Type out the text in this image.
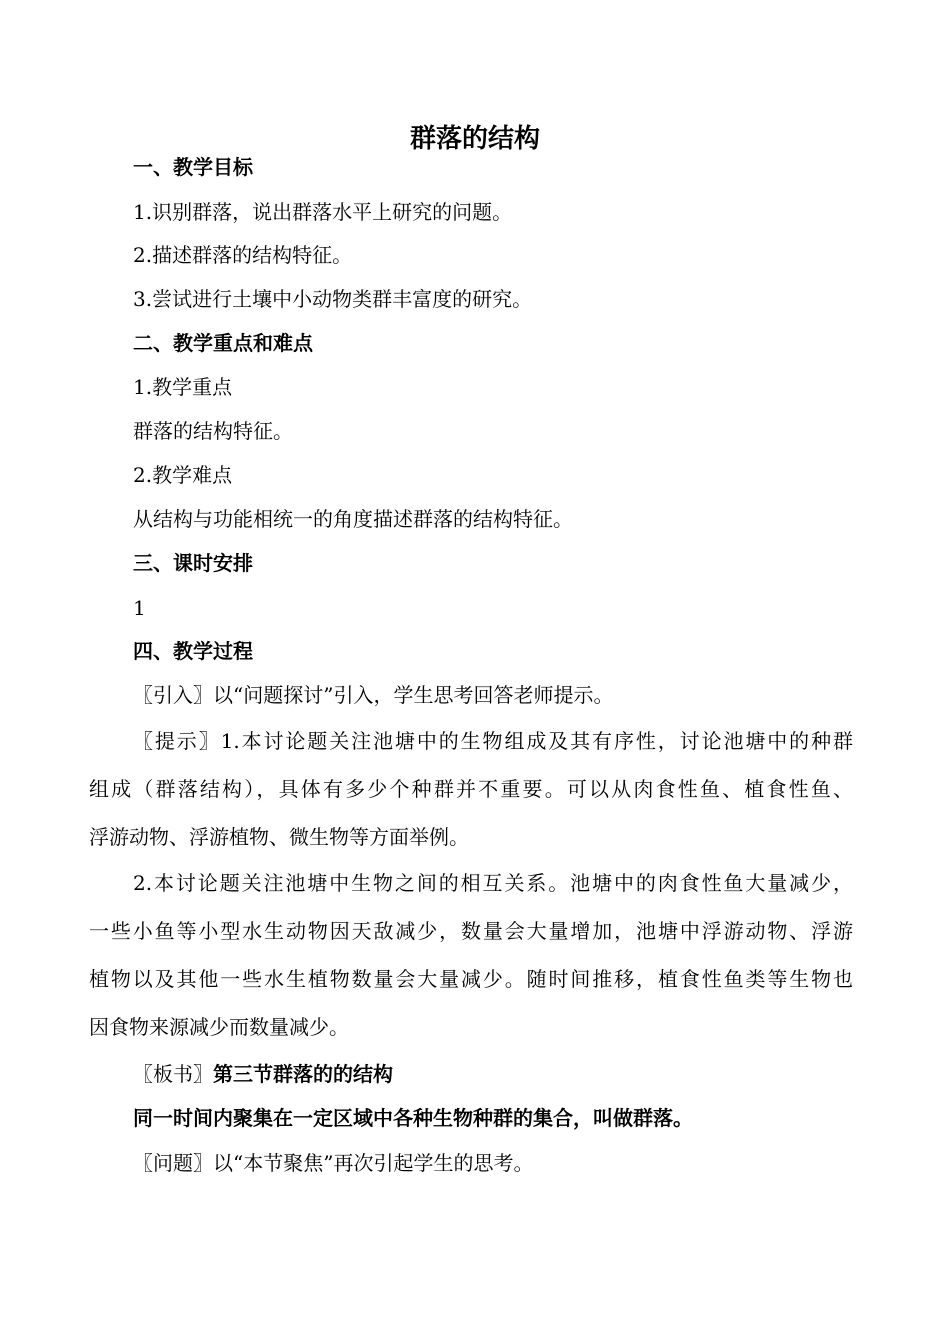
群落的结构
一、教学目标
1.识别群落，说出群落水平上研究的问题。
2.描述群落的结构特征。
3.尝试进行土壤中小动物类群丰富度的研究。
二、教学重点和难点
1.教学重点
群落的结构特征。
2.教学难点
从结构与功能相统一的角度描述群落的结构特征。
三、课时安排
1
四、教学过程
〖引入〗以“问题探讨”引入，学生思考回答老师提示。
〖提示〗1.本讨论题关注池塘中的生物组成及其有序性，讨论池塘中的种群
组成（群落结构），具体有多少个种群并不重要。可以从肉食性鱼、植食性鱼、
浮游动物、浮游植物、微生物等方面举例。
2.本讨论题关注池塘中生物之间的相互关系。池塘中的肉食性鱼大量减少，
一些小鱼等小型水生动物因天敌减少，数量会大量增加，池塘中浮游动物、浮游
植物以及其他一些水生植物数量会大量减少。随时间推移，植食性鱼类等生物也
因食物来源减少而数量减少。
〖板书〗第三节群落的的结构
同一时间内聚集在一定区域中各种生物种群的集合，叫做群落。
〖问题〗以“本节聚焦”再次引起学生的思考。
